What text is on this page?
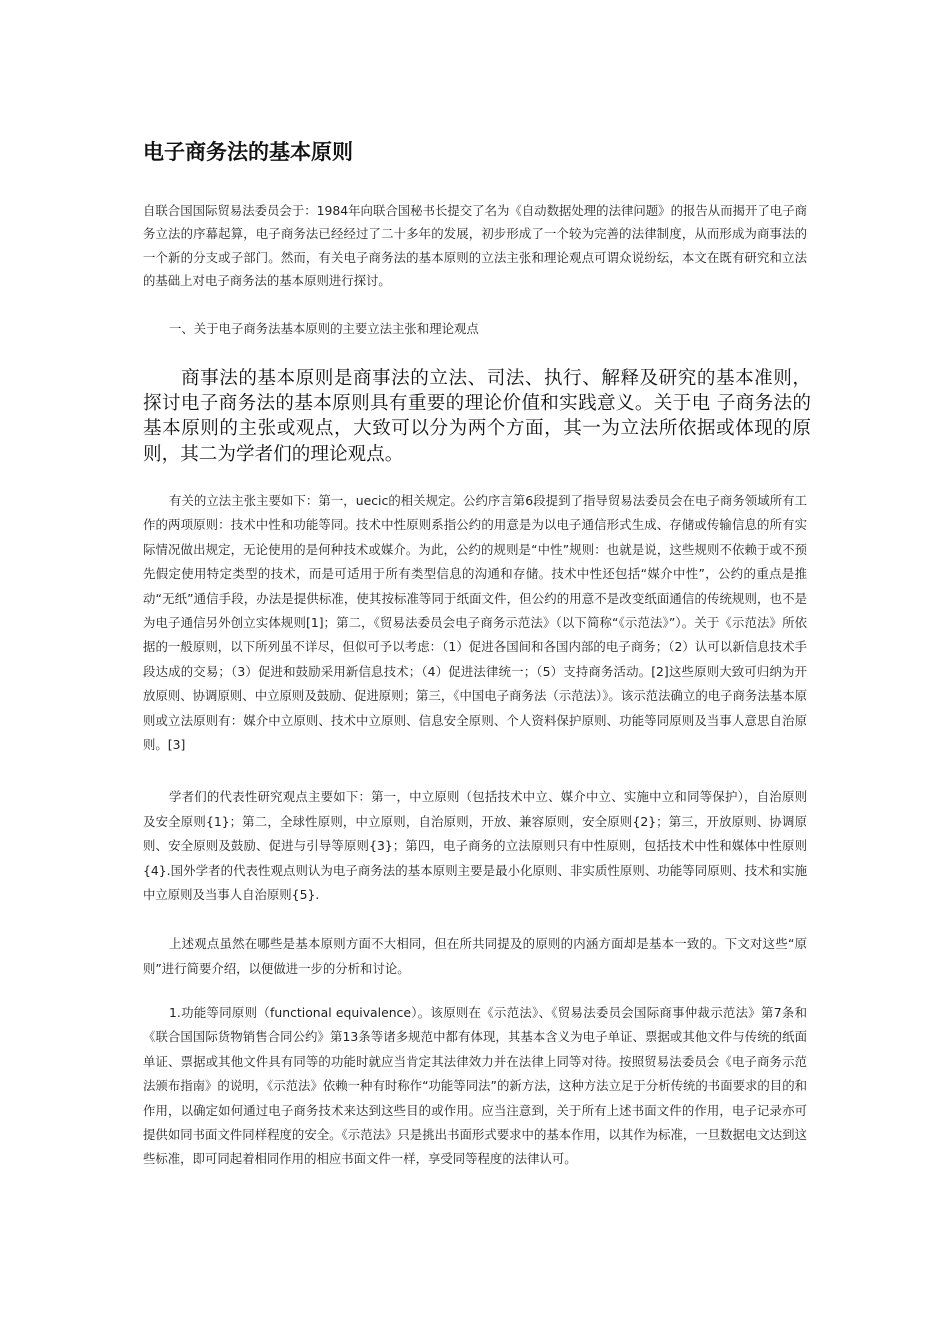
电子商务法的基本原则

自联合国国际贸易法委员会于：1984年向联合国秘书长提交了名为《自动数据处理的法律问题》的报告从而揭开了电子商务立法的序幕起算，电子商务法已经经过了二十多年的发展，初步形成了一个较为完善的法律制度，从而形成为商事法的一个新的分支或子部门。然而，有关电子商务法的基本原则的立法主张和理论观点可谓众说纷纭，本文在既有研究和立法的基础上对电子商务法的基本原则进行探讨。

一、关于电子商务法基本原则的主要立法主张和理论观点

商事法的基本原则是商事法的立法、司法、执行、解释及研究的基本准则，探讨电子商务法的基本原则具有重要的理论价值和实践意义。关于电 子商务法的基本原则的主张或观点，大致可以分为两个方面，其一为立法所依据或体现的原则，其二为学者们的理论观点。

有关的立法主张主要如下：第一，uecic的相关规定。公约序言第6段提到了指导贸易法委员会在电子商务领域所有工作的两项原则：技术中性和功能等同。技术中性原则系指公约的用意是为以电子通信形式生成、存储或传输信息的所有实际情况做出规定，无论使用的是何种技术或媒介。为此，公约的规则是“中性”规则：也就是说，这些规则不依赖于或不预先假定使用特定类型的技术，而是可适用于所有类型信息的沟通和存储。技术中性还包括“媒介中性”，公约的重点是推动“无纸”通信手段，办法是提供标准，使其按标准等同于纸面文件，但公约的用意不是改变纸面通信的传统规则，也不是为电子通信另外创立实体规则[1]；第二，《贸易法委员会电子商务示范法》（以下简称“《示范法》”）。关于《示范法》所依据的一般原则，以下所列虽不详尽，但似可予以考虑：（1）促进各国间和各国内部的电子商务；（2）认可以新信息技术手段达成的交易；（3）促进和鼓励采用新信息技术；（4）促进法律统一；（5）支持商务活动。[2]这些原则大致可归纳为开放原则、协调原则、中立原则及鼓励、促进原则；第三，《中国电子商务法（示范法）》。该示范法确立的电子商务法基本原则或立法原则有：媒介中立原则、技术中立原则、信息安全原则、个人资料保护原则、功能等同原则及当事人意思自治原则。[3]

学者们的代表性研究观点主要如下：第一，中立原则（包括技术中立、媒介中立、实施中立和同等保护），自治原则及安全原则{1}；第二，全球性原则，中立原则，自治原则，开放、兼容原则，安全原则{2}；第三，开放原则、协调原则、安全原则及鼓励、促进与引导等原则{3}；第四，电子商务的立法原则只有中性原则，包括技术中性和媒体中性原则{4}.国外学者的代表性观点则认为电子商务法的基本原则主要是最小化原则、非实质性原则、功能等同原则、技术和实施中立原则及当事人自治原则{5}.

上述观点虽然在哪些是基本原则方面不大相同，但在所共同提及的原则的内涵方面却是基本一致的。下文对这些“原则”进行简要介绍，以便做进一步的分析和讨论。

1.功能等同原则（functional equivalence）。该原则在《示范法》、《贸易法委员会国际商事仲裁示范法》第7条和《联合国国际货物销售合同公约》第13条等诸多规范中都有体现，其基本含义为电子单证、票据或其他文件与传统的纸面单证、票据或其他文件具有同等的功能时就应当肯定其法律效力并在法律上同等对待。按照贸易法委员会《电子商务示范法颁布指南》的说明，《示范法》依赖一种有时称作“功能等同法”的新方法，这种方法立足于分析传统的书面要求的目的和作用，以确定如何通过电子商务技术来达到这些目的或作用。应当注意到，关于所有上述书面文件的作用，电子记录亦可提供如同书面文件同样程度的安全。《示范法》只是挑出书面形式要求中的基本作用，以其作为标准，一旦数据电文达到这些标准，即可同起着相同作用的相应书面文件一样，享受同等程度的法律认可。
